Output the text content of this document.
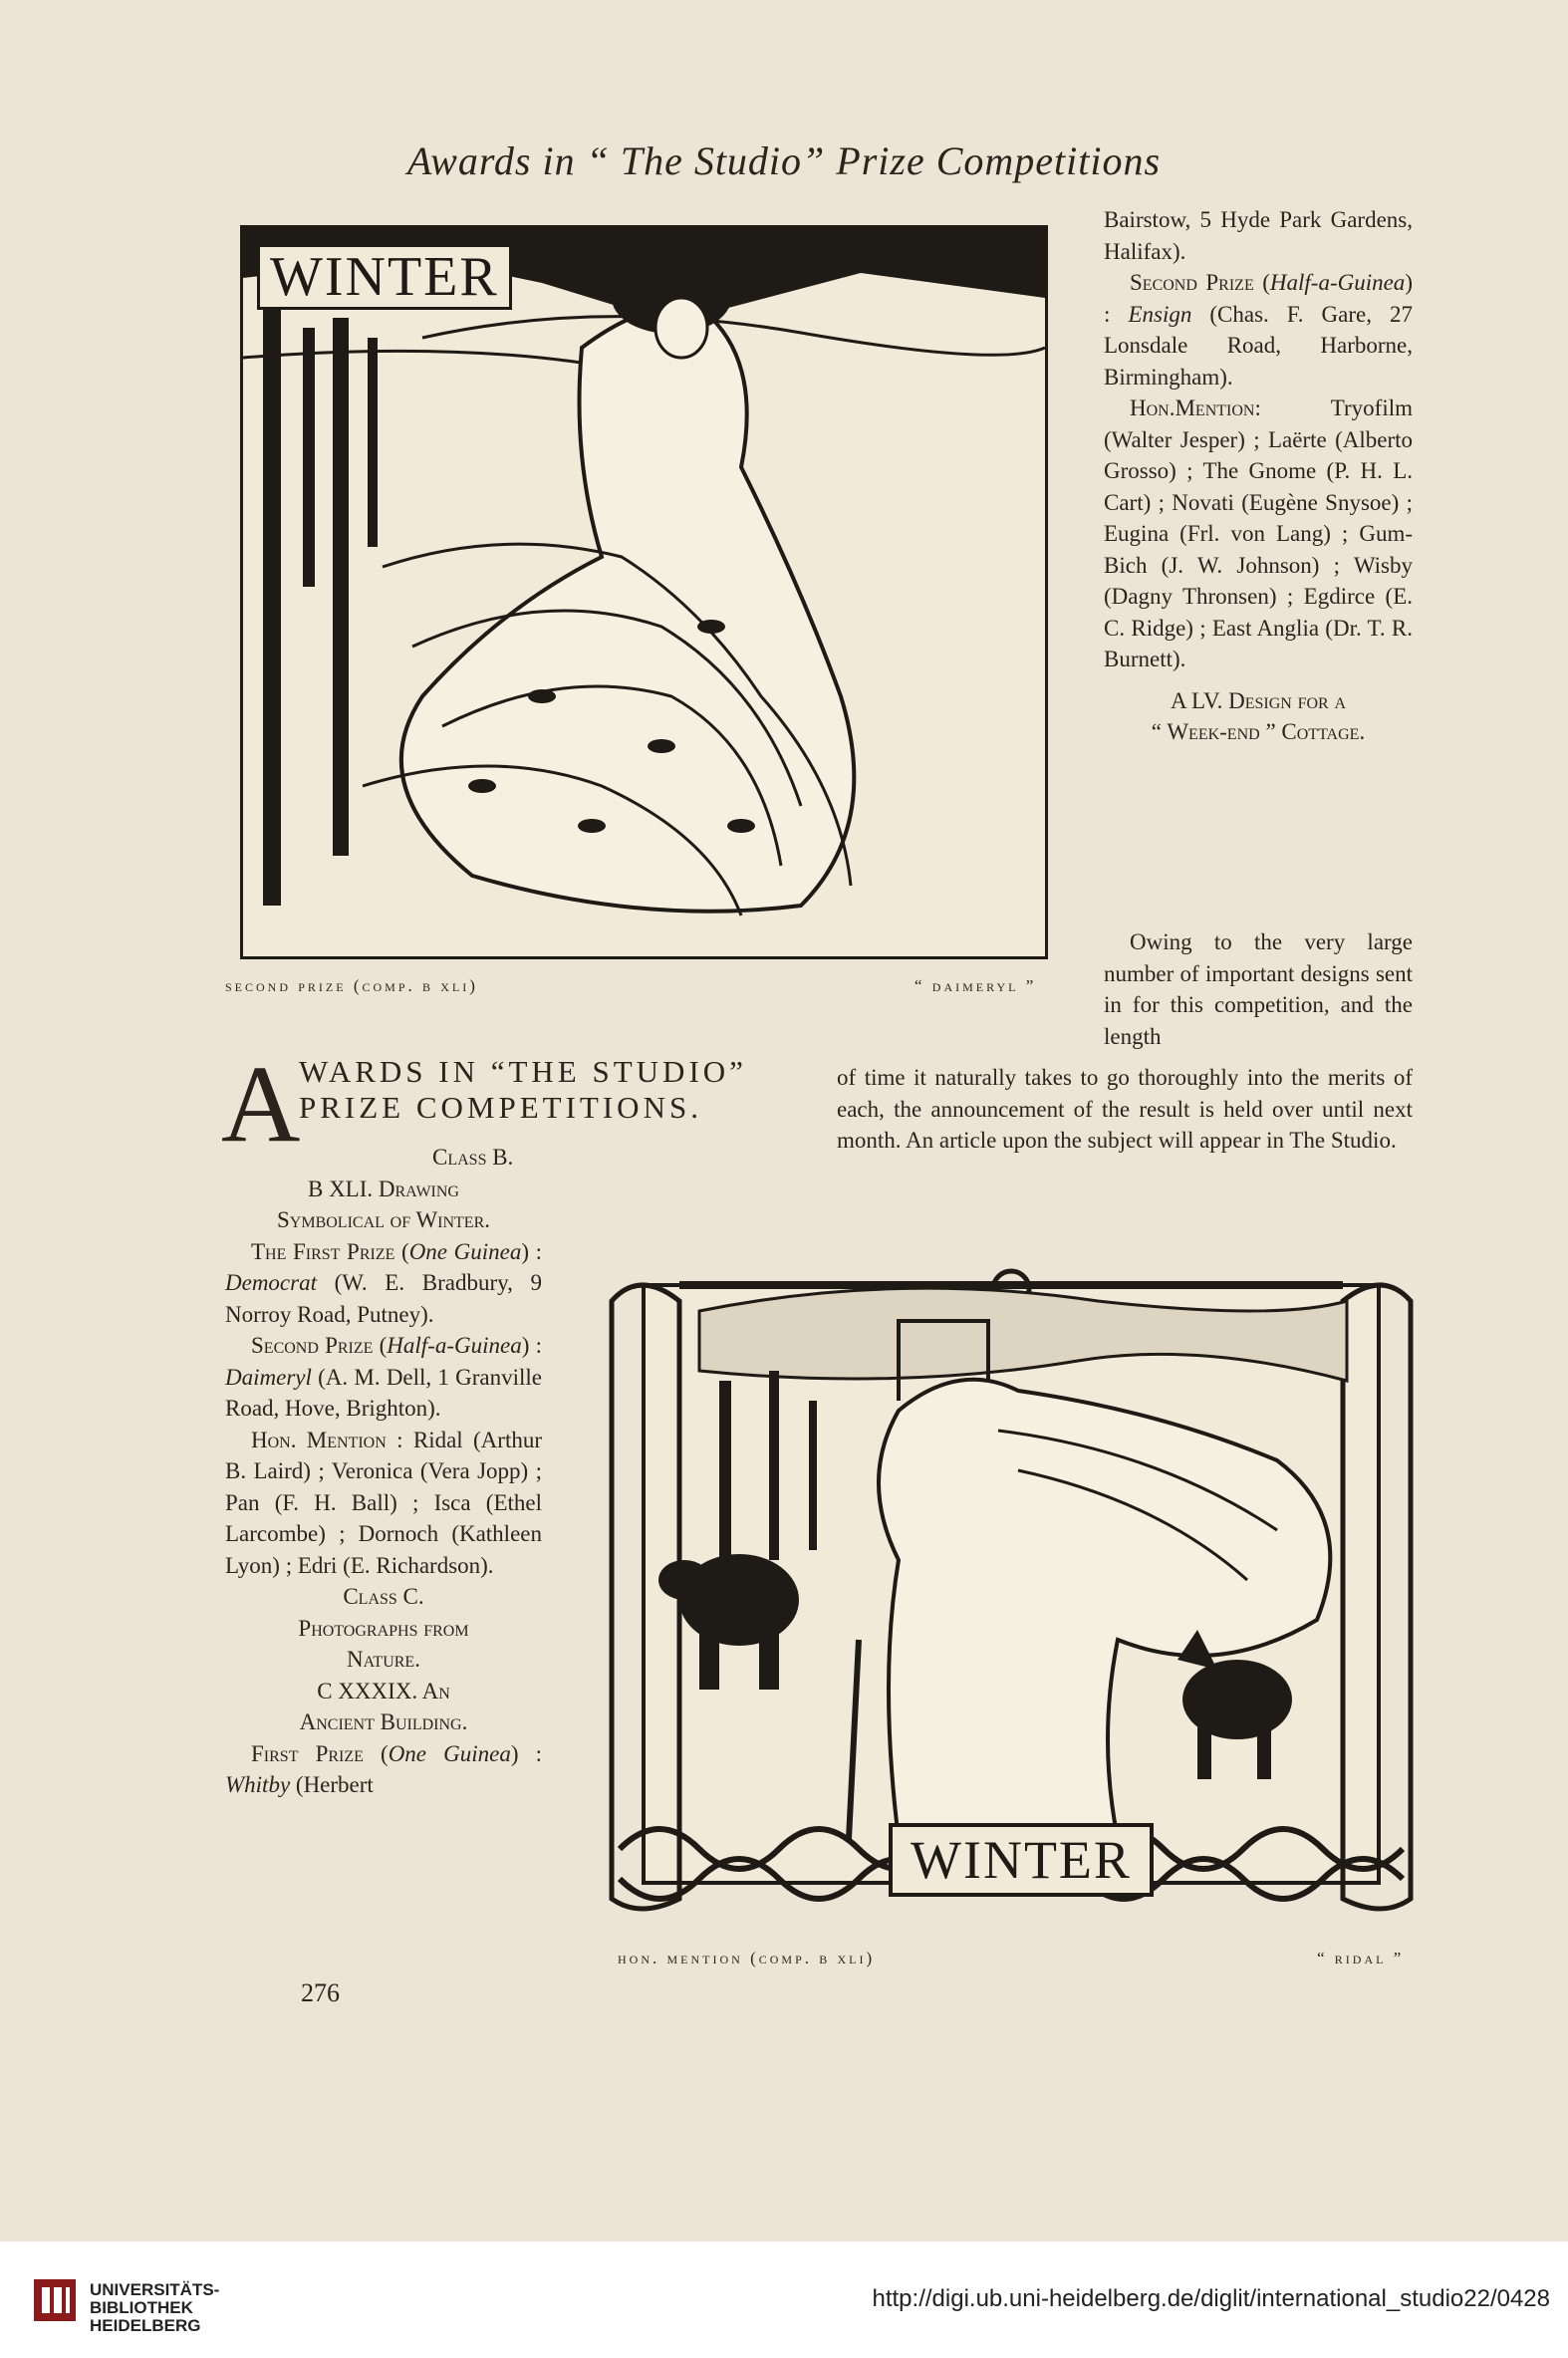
Awards in “ The Studio” Prize Competitions
WINTER
second prize (comp. b xli)	“ daimeryl ”

Bairstow, 5 Hyde Park Gardens, Halifax).

Second Prize (Half-a-Guinea) : Ensign (Chas. F. Gare, 27 Lonsdale Road, Harborne, Birmingham).

Hon.Mention:	Tryofilm (Walter Jesper) ; Laërte (Alberto Grosso) ; The Gnome (P. H. L. Cart) ; Novati (Eugène Snysoe) ; Eugina (Frl. von Lang) ; Gum-Bich (J. W. Johnson) ; Wisby (Dagny Thronsen) ; Egdirce (E. C. Ridge) ; East Anglia (Dr. T. R. Burnett).

A LV. Design for a

“ Week-end ” Cottage.

Owing to the very large number of important designs sent in for this competition, and the length

of time it naturally takes to go thoroughly into the merits of each, the announcement of the result is held over until next month. An article upon the subject will appear in The Studio.

A
WARDS IN “THE STUDIO”
PRIZE COMPETITIONS.

Class B.

B XLI. Drawing

Symbolical of Winter.

The First Prize (One Guinea) : Democrat (W. E. Bradbury, 9 Norroy Road, Putney).

Second Prize (Half-a-Guinea) : Daimeryl (A. M. Dell, 1 Granville Road, Hove, Brighton).

Hon. Mention : Ridal (Arthur B. Laird) ; Veronica (Vera Jopp) ; Pan (F. H. Ball) ; Isca (Ethel Larcombe) ; Dornoch (Kathleen Lyon) ; Edri (E. Richardson).

Class C.

Photographs from

Nature.

C XXXIX. An

Ancient Building.

First Prize (One Guinea) : Whitby (Herbert

276
WINTER
hon. mention (comp. b xli)	“ ridal ”
UNIVERSITÄTS-
BIBLIOTHEK
HEIDELBERG
http://digi.ub.uni-heidelberg.de/diglit/international_studio22/0428
